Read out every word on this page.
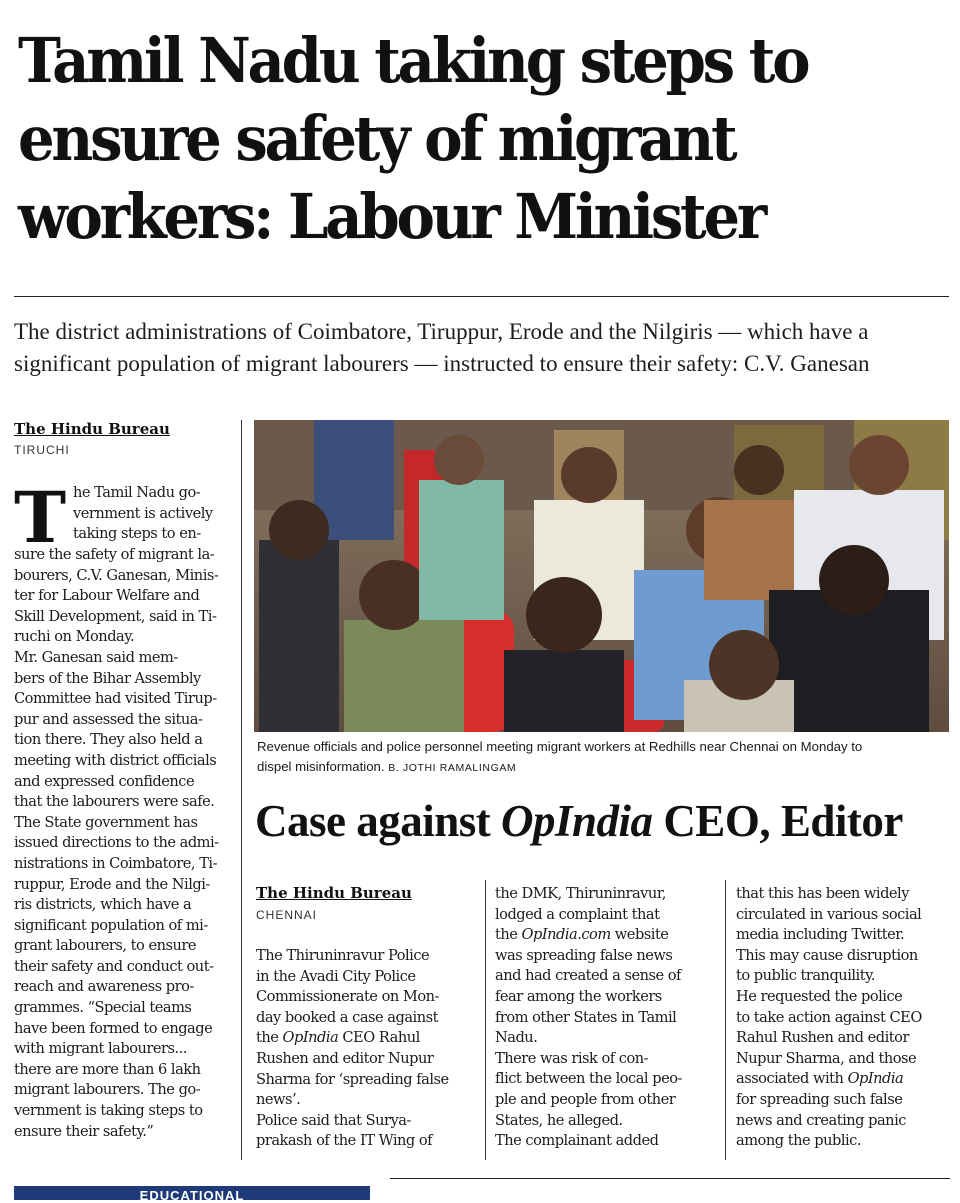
Tamil Nadu taking steps to
ensure safety of migrant
workers: Labour Minister
The district administrations of Coimbatore, Tiruppur, Erode and the Nilgiris — which have a
significant population of migrant labourers — instructed to ensure their safety: C.V. Ganesan
The Hindu Bureau
TIRUCHI
T he Tamil Nadu go-

vernment is actively

taking steps to en-

sure the safety of migrant la-

bourers, C.V. Ganesan, Minis-

ter for Labour Welfare and

Skill Development, said in Ti-

ruchi on Monday.

Mr. Ganesan said mem-

bers of the Bihar Assembly

Committee had visited Tirup-

pur and assessed the situa-

tion there. They also held a

meeting with district officials

and expressed confidence

that the labourers were safe.

The State government has

issued directions to the admi-

nistrations in Coimbatore, Ti-

ruppur, Erode and the Nilgi-

ris districts, which have a

significant population of mi-

grant labourers, to ensure

their safety and conduct out-

reach and awareness pro-

grammes. “Special teams

have been formed to engage

with migrant labourers...

there are more than 6 lakh

migrant labourers. The go-

vernment is taking steps to

ensure their safety.”

Revenue officials and police personnel meeting migrant workers at Redhills near Chennai on Monday to
dispel misinformation. B. JOTHI RAMALINGAM
Case against OpIndia CEO, Editor
The Hindu Bureau
CHENNAI

The Thiruninravur Police

in the Avadi City Police

Commissionerate on Mon-

day booked a case against

the OpIndia CEO Rahul

Rushen and editor Nupur

Sharma for ‘spreading false

news’.

Police said that Surya-

prakash of the IT Wing of

the DMK, Thiruninravur,

lodged a complaint that

the OpIndia.com website

was spreading false news

and had created a sense of

fear among the workers

from other States in Tamil

Nadu.

There was risk of con-

flict between the local peo-

ple and people from other

States, he alleged.

The complainant added

that this has been widely

circulated in various social

media including Twitter.

This may cause disruption

to public tranquility.

He requested the police

to take action against CEO

Rahul Rushen and editor

Nupur Sharma, and those

associated with OpIndia

for spreading such false

news and creating panic

among the public.

EDUCATIONAL
